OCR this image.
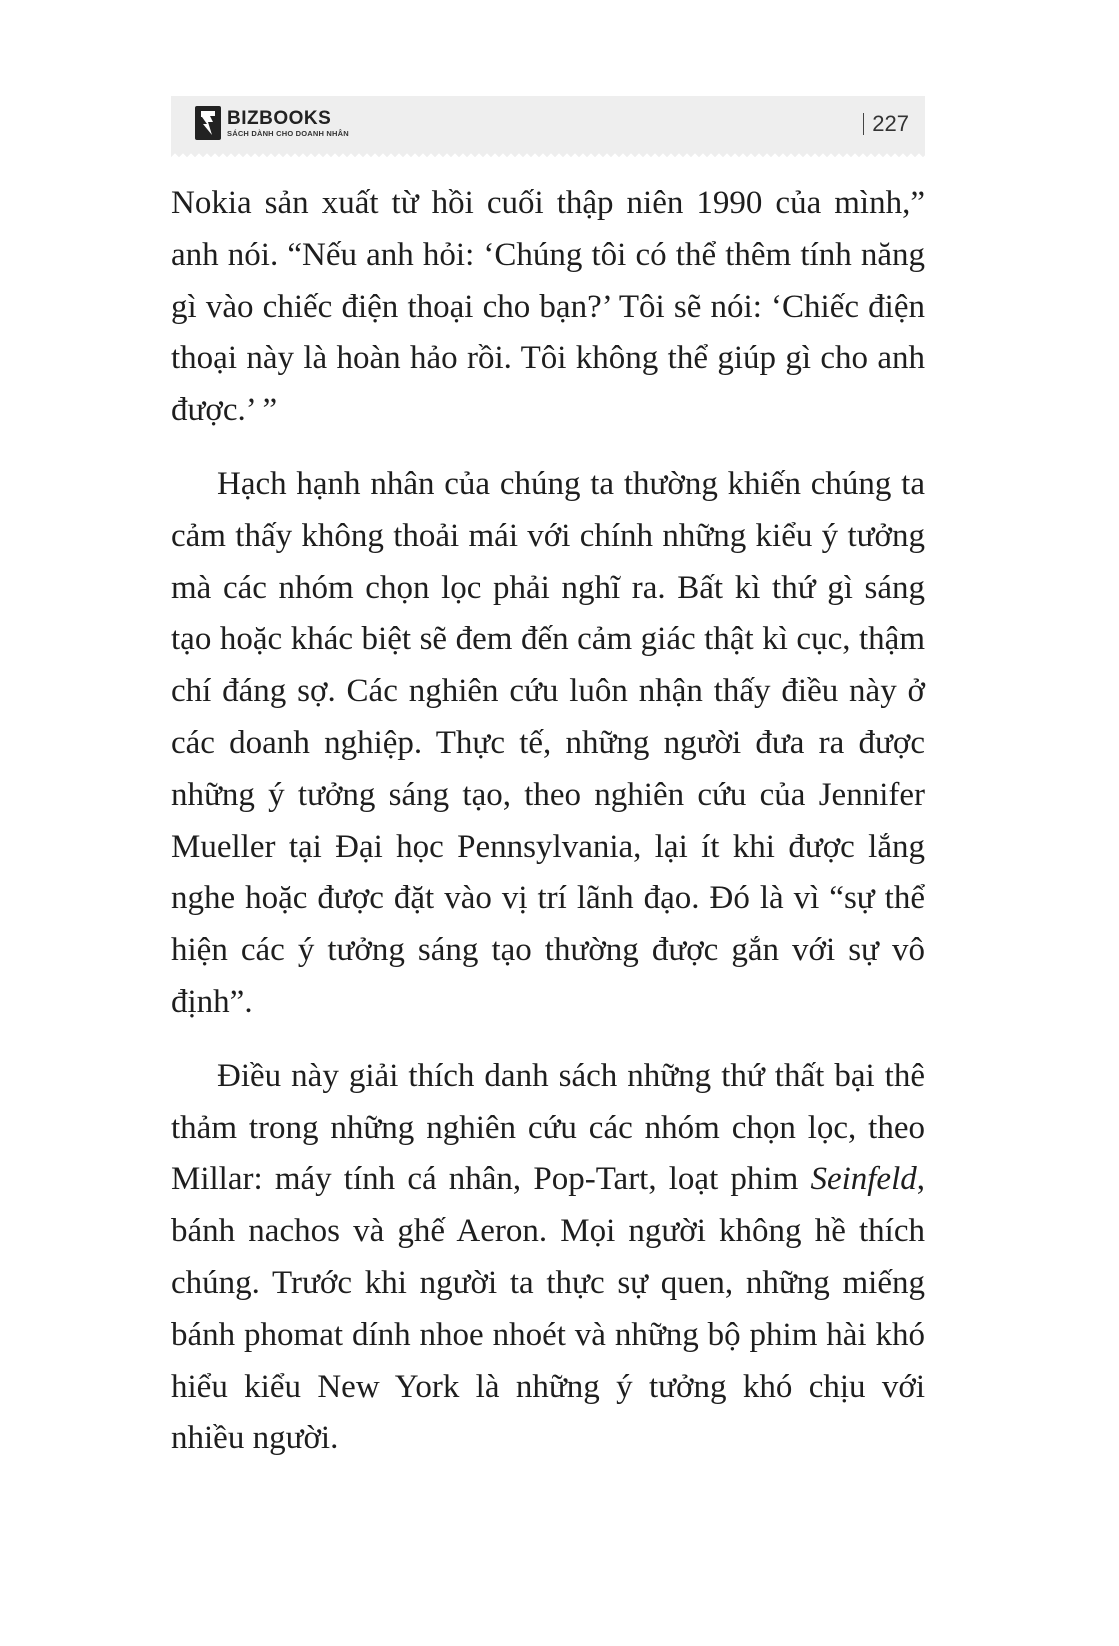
BIZBOOKS
SÁCH DÀNH CHO DOANH NHÂN	227

Nokia sản xuất từ hồi cuối thập niên 1990 của mình,” anh nói. “Nếu anh hỏi: ‘Chúng tôi có thể thêm tính năng gì vào chiếc điện thoại cho bạn?’ Tôi sẽ nói: ‘Chiếc điện thoại này là hoàn hảo rồi. Tôi không thể giúp gì cho anh được.’ ”

Hạch hạnh nhân của chúng ta thường khiến chúng ta cảm thấy không thoải mái với chính những kiểu ý tưởng mà các nhóm chọn lọc phải nghĩ ra. Bất kì thứ gì sáng tạo hoặc khác biệt sẽ đem đến cảm giác thật kì cục, thậm chí đáng sợ. Các nghiên cứu luôn nhận thấy điều này ở các doanh nghiệp. Thực tế, những người đưa ra được những ý tưởng sáng tạo, theo nghiên cứu của Jennifer Mueller tại Đại học Pennsylvania, lại ít khi được lắng nghe hoặc được đặt vào vị trí lãnh đạo. Đó là vì “sự thể hiện các ý tưởng sáng tạo thường được gắn với sự vô định”.

Điều này giải thích danh sách những thứ thất bại thê thảm trong những nghiên cứu các nhóm chọn lọc, theo Millar: máy tính cá nhân, Pop-Tart, loạt phim Seinfeld, bánh nachos và ghế Aeron. Mọi người không hề thích chúng. Trước khi người ta thực sự quen, những miếng bánh phomat dính nhoe nhoét và những bộ phim hài khó hiểu kiểu New York là những ý tưởng khó chịu với nhiều người.
